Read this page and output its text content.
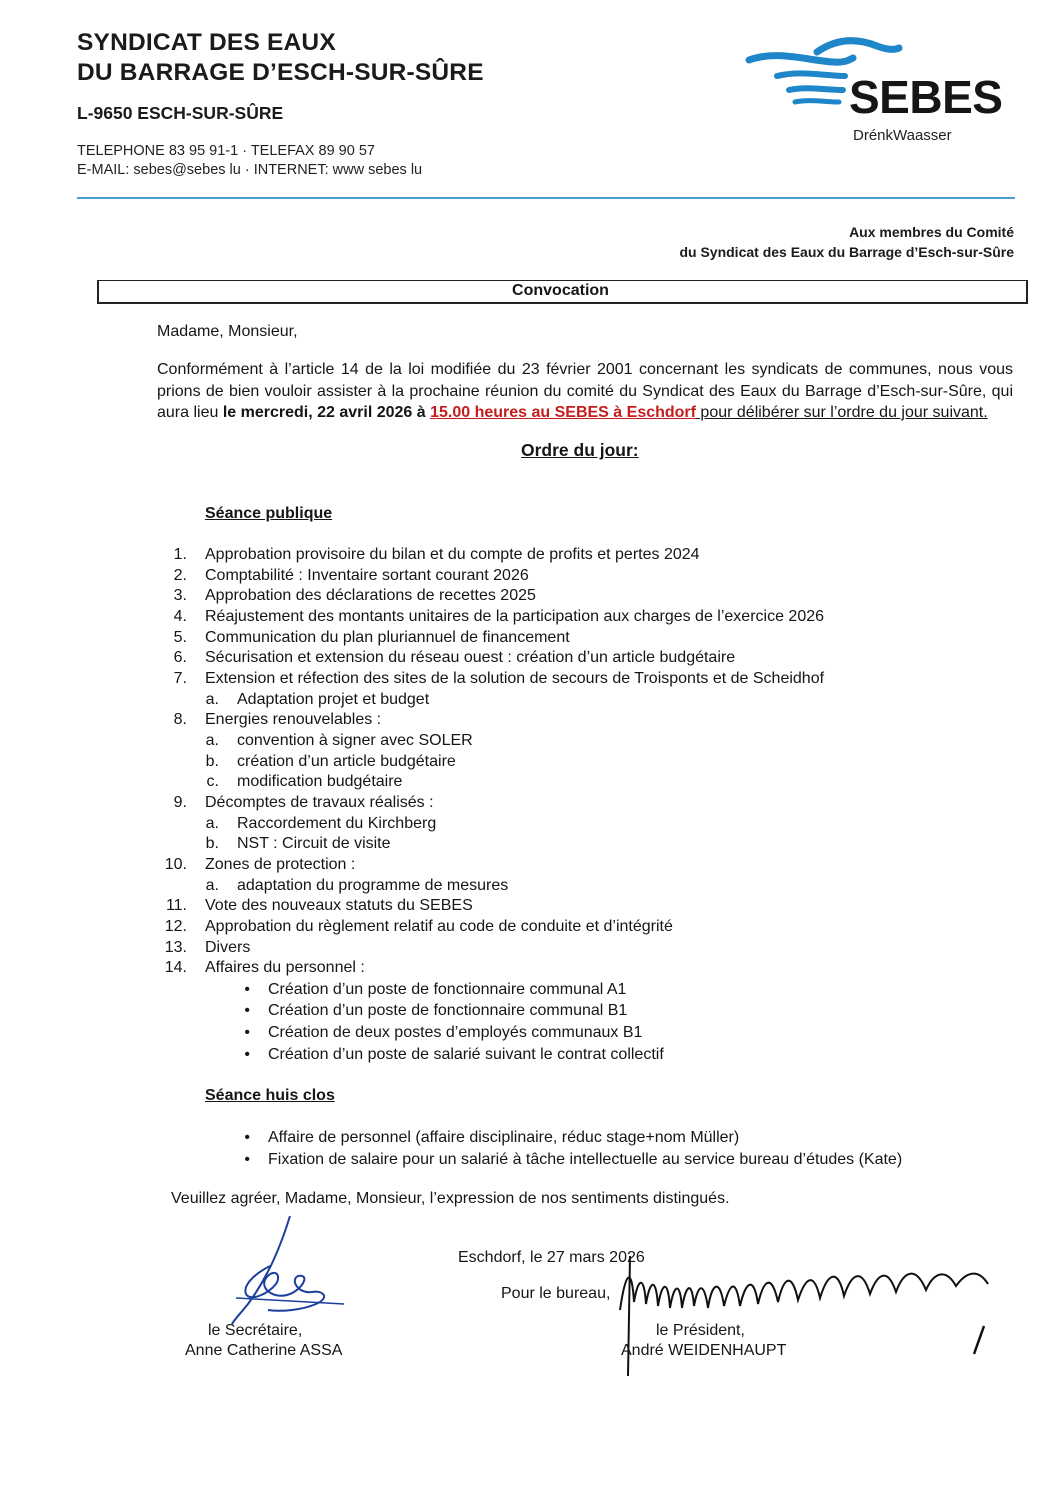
SYNDICAT DES EAUX
DU BARRAGE D’ESCH-SUR-SÛRE
L-9650 ESCH-SUR-SÛRE
TELEPHONE 83 95 91-1 · TELEFAX 89 90 57
E-MAIL: sebes@sebes lu · INTERNET: www sebes lu
SEBES
DrénkWaasser
Aux membres du Comité
du Syndicat des Eaux du Barrage d’Esch-sur-Sûre
Convocation
Madame, Monsieur,
Conformément à l’article 14 de la loi modifiée du 23 février 2001 concernant les syndicats de communes, nous vous prions de bien vouloir assister à la prochaine réunion du comité du Syndicat des Eaux du Barrage d’Esch-sur-Sûre, qui aura lieu le mercredi, 22 avril 2026 à 15.00 heures au SEBES à Eschdorf pour délibérer sur l’ordre du jour suivant.
Ordre du jour:
Séance publique
1. Approbation provisoire du bilan et du compte de profits et pertes 2024
2. Comptabilité : Inventaire sortant courant 2026
3. Approbation des déclarations de recettes 2025
4. Réajustement des montants unitaires de la participation aux charges de l’exercice 2026
5. Communication du plan pluriannuel de financement
6. Sécurisation et extension du réseau ouest : création d’un article budgétaire
7. Extension et réfection des sites de la solution de secours de Troisponts et de Scheidhof
a. Adaptation projet et budget
8. Energies renouvelables :
a. convention à signer avec SOLER
b. création d’un article budgétaire
c. modification budgétaire
9. Décomptes de travaux réalisés :
a. Raccordement du Kirchberg
b. NST : Circuit de visite
10. Zones de protection :
a. adaptation du programme de mesures
11. Vote des nouveaux statuts du SEBES
12. Approbation du règlement relatif au code de conduite et d’intégrité
13. Divers
14. Affaires du personnel :
• Création d’un poste de fonctionnaire communal A1
• Création d’un poste de fonctionnaire communal B1
• Création de deux postes d’employés communaux B1
• Création d’un poste de salarié suivant le contrat collectif
Séance huis clos
• Affaire de personnel (affaire disciplinaire, réduc stage+nom Müller)
• Fixation de salaire pour un salarié à tâche intellectuelle au service bureau d’études (Kate)
Veuillez agréer, Madame, Monsieur, l’expression de nos sentiments distingués.
Eschdorf, le 27 mars 2026
Pour le bureau,
le Secrétaire,
Anne Catherine ASSA
le Président,
André WEIDENHAUPT
